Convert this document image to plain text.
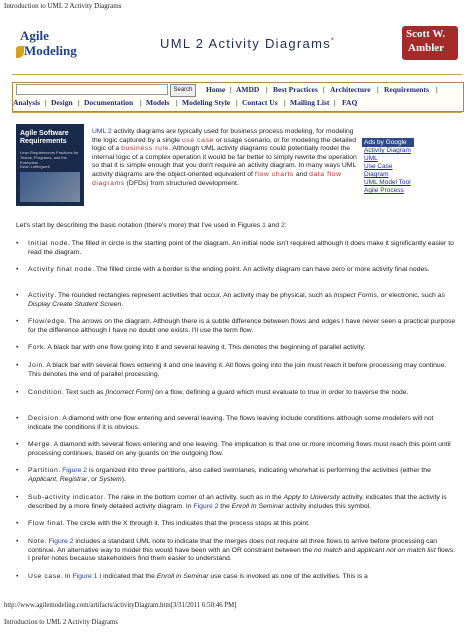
Introduction to UML 2 Activity Diagrams
Agile
Modeling	UML 2 Activity Diagrams*
Scott W.
Ambler
Search	Home | AMDD | Best Practices | Architecture | Requirements |
Analysis | Design | Documentation | Models | Modeling Style | Contact Us | Mailing List | FAQ
Agile Software Requirements
Lean Requirements Practices for Teams, Programs, and the Enterprise
Dean Leffingwell
UML 2 activity diagrams are typically used for business process modeling, for modeling the logic captured by a single use case or usage scenario, or for modeling the detailed logic of a business rule. Although UML activity diagrams could potentially model the internal logic of a complex operation it would be far better to simply rewrite the operation so that it is simple enough that you don't require an activity diagram. In many ways UML activity diagrams are the object-oriented equivalent of flow charts and data flow diagrams (DFDs) from structured development.
Ads by Google
Activity Diagram
UML
Use Case Diagram
UML Model Tool
Agile Process
Let's start by describing the basic notation (there's more) that I've used in Figures 1 and 2:
• Initial node. The filled in circle is the starting point of the diagram. An initial node isn't required although it does make it significantly easier to read the diagram.
• Activity final node. The filled circle with a border is the ending point. An activity diagram can have zero or more activity final nodes.
• Activity. The rounded rectangles represent activities that occur. An activity may be physical, such as Inspect Forms, or electronic, such as Display Create Student Screen.
• Flow/edge. The arrows on the diagram. Although there is a subtle difference between flows and edges I have never seen a practical purpose for the difference although I have no doubt one exists. I'll use the term flow.
• Fork. A black bar with one flow going into it and several leaving it. This denotes the beginning of parallel activity.
• Join. A black bar with several flows entering it and one leaving it. All flows going into the join must reach it before processing may continue. This denotes the end of parallel processing.
• Condition. Text such as [Incorrect Form] on a flow, defining a guard which must evaluate to true in order to traverse the node.
• Decision. A diamond with one flow entering and several leaving. The flows leaving include conditions although some modelers will not indicate the conditions if it is obvious.
• Merge. A diamond with several flows entering and one leaving. The implication is that one or more incoming flows must reach this point until processing continues, based on any guards on the outgoing flow.
• Partition. Figure 2 is organized into three partitions, also called swimlanes, indicating who/what is performing the activities (either the Applicant, Registrar, or System).
• Sub-activity indicator. The rake in the bottom corner of an activity, such as in the Apply to University activity, indicates that the activity is described by a more finely detailed activity diagram. In Figure 2 the Enroll In Seminar activity includes this symbol.
• Flow final. The circle with the X through it. This indicates that the process stops at this point.
• Note. Figure 2 includes a standard UML note to indicate that the merges does not require all three flows to arrive before processing can continue. An alternative way to model this would have been with an OR constraint between the no match and applicant not on match list flows. I prefer notes because stakeholders find them easier to understand.
• Use case. In Figure 1 I indicated that the Enroll in Seminar use case is invoked as one of the activities. This is a
http://www.agilemodeling.com/artifacts/activityDiagram.htm[3/31/2011 6:50:46 PM]
Introduction to UML 2 Activity Diagrams
